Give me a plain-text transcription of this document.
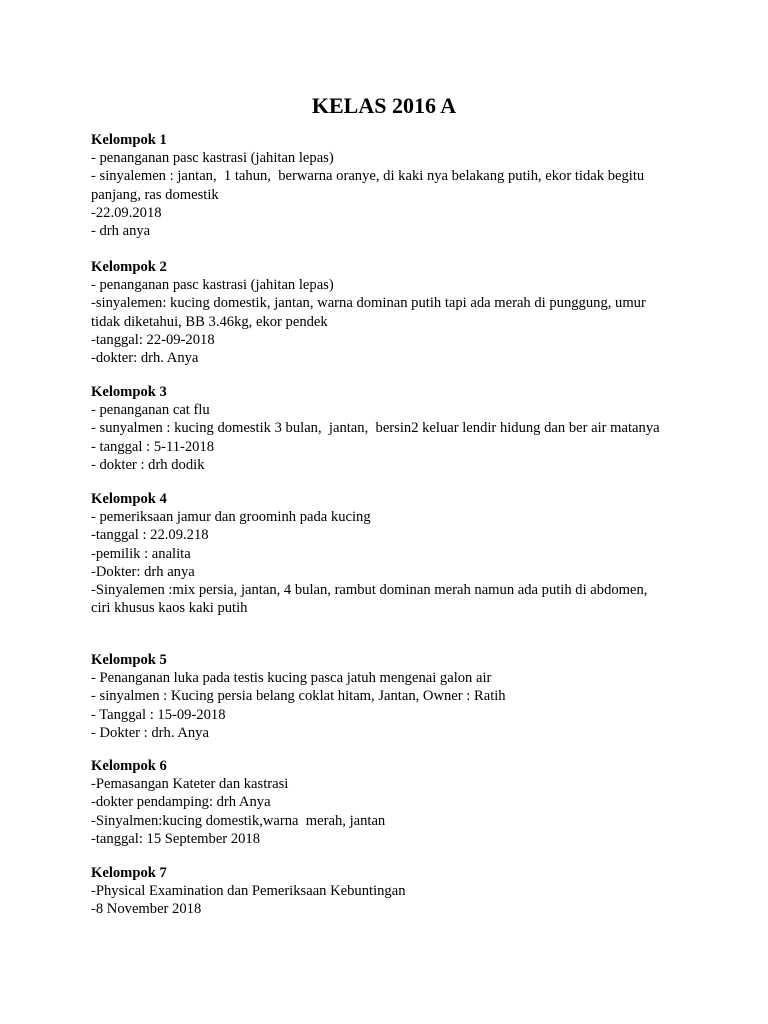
KELAS 2016 A

Kelompok 1

- penanganan pasc kastrasi (jahitan lepas)

- sinyalemen : jantan,  1 tahun,  berwarna oranye, di kaki nya belakang putih, ekor tidak begitu

panjang, ras domestik

-22.09.2018

- drh anya

Kelompok 2

- penanganan pasc kastrasi (jahitan lepas)

-sinyalemen: kucing domestik, jantan, warna dominan putih tapi ada merah di punggung, umur

tidak diketahui, BB 3.46kg, ekor pendek

-tanggal: 22-09-2018

-dokter: drh. Anya

Kelompok 3

- penanganan cat flu

- sunyalmen : kucing domestik 3 bulan,  jantan,  bersin2 keluar lendir hidung dan ber air matanya

- tanggal : 5-11-2018

- dokter : drh dodik

Kelompok 4

- pemeriksaan jamur dan groominh pada kucing

-tanggal : 22.09.218

-pemilik : analita

-Dokter: drh anya

-Sinyalemen :mix persia, jantan, 4 bulan, rambut dominan merah namun ada putih di abdomen,

ciri khusus kaos kaki putih

Kelompok 5

- Penanganan luka pada testis kucing pasca jatuh mengenai galon air

- sinyalmen : Kucing persia belang coklat hitam, Jantan, Owner : Ratih

- Tanggal : 15-09-2018

- Dokter : drh. Anya

Kelompok 6

-Pemasangan Kateter dan kastrasi

-dokter pendamping: drh Anya

-Sinyalmen:kucing domestik,warna  merah, jantan

-tanggal: 15 September 2018

Kelompok 7

-Physical Examination dan Pemeriksaan Kebuntingan

-8 November 2018
